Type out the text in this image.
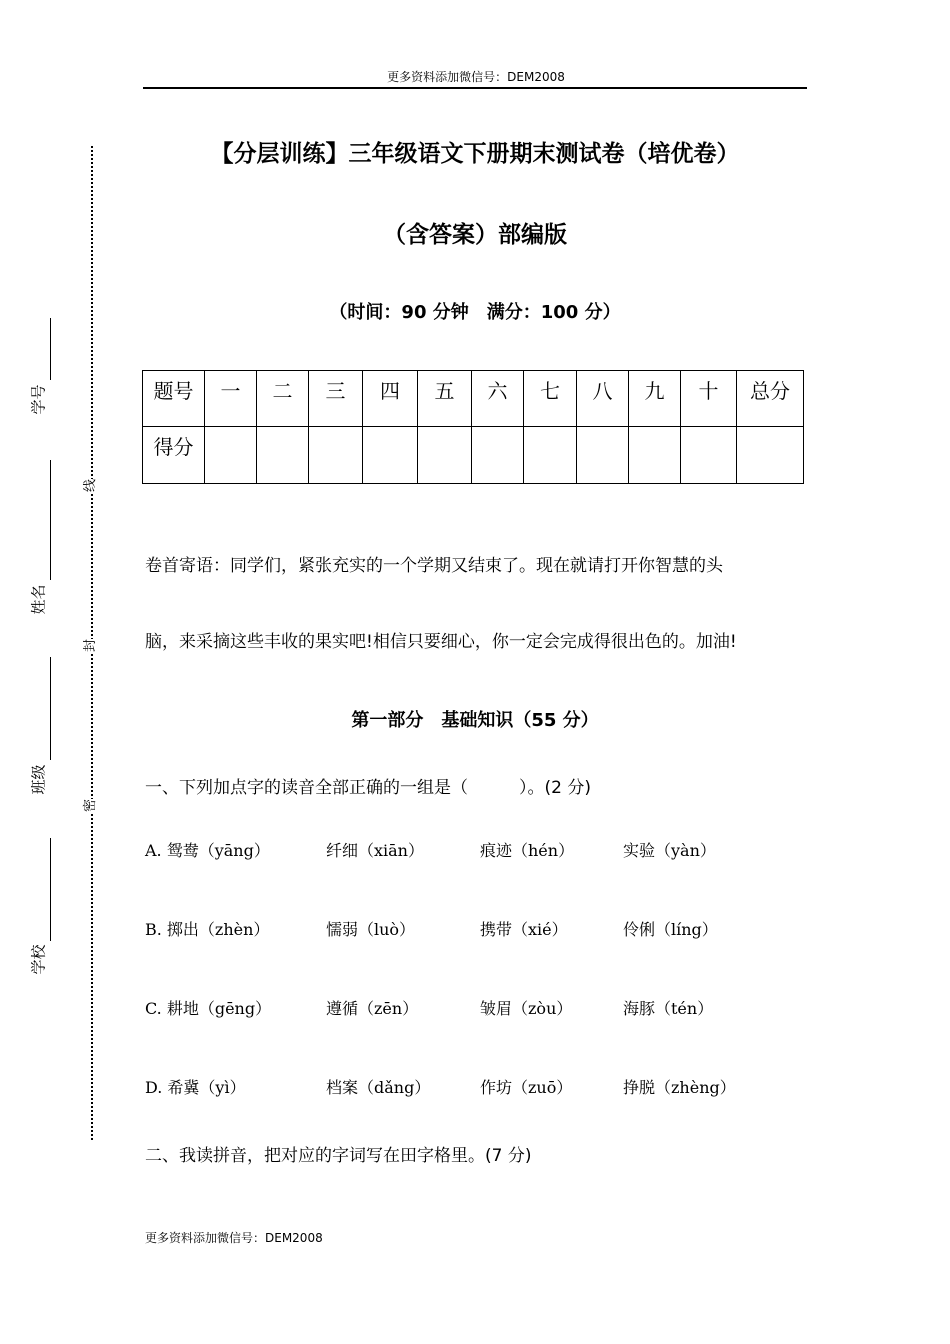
更多资料添加微信号：DEM2008
【分层训练】三年级语文下册期末测试卷（培优卷）
（含答案）部编版
（时间：90 分钟　满分：100 分）
题号	一	二	三	四	五	六	七	八	九	十	总分
得分											
卷首寄语：同学们，紧张充实的一个学期又结束了。现在就请打开你智慧的头
脑，来采摘这些丰收的果实吧!相信只要细心，你一定会完成得很出色的。加油!
第一部分　基础知识（55 分）
一、下列加点字的读音全部正确的一组是（　　　）。(2 分)
A. 鸳鸯（yāng）	纤细（xiān）	痕迹（hén）	实验（yàn）
B. 掷出（zhèn）	懦弱（luò）	携带（xié）	伶俐（líng）
C. 耕地（gēng）	遵循（zēn）	皱眉（zòu）	海豚（tén）
D. 希冀（yì）	档案（dǎng）	作坊（zuō）	挣脱（zhèng）
二、我读拼音，把对应的字词写在田字格里。(7 分)
更多资料添加微信号：DEM2008
线
封
密
学号
姓名
班级
学校
